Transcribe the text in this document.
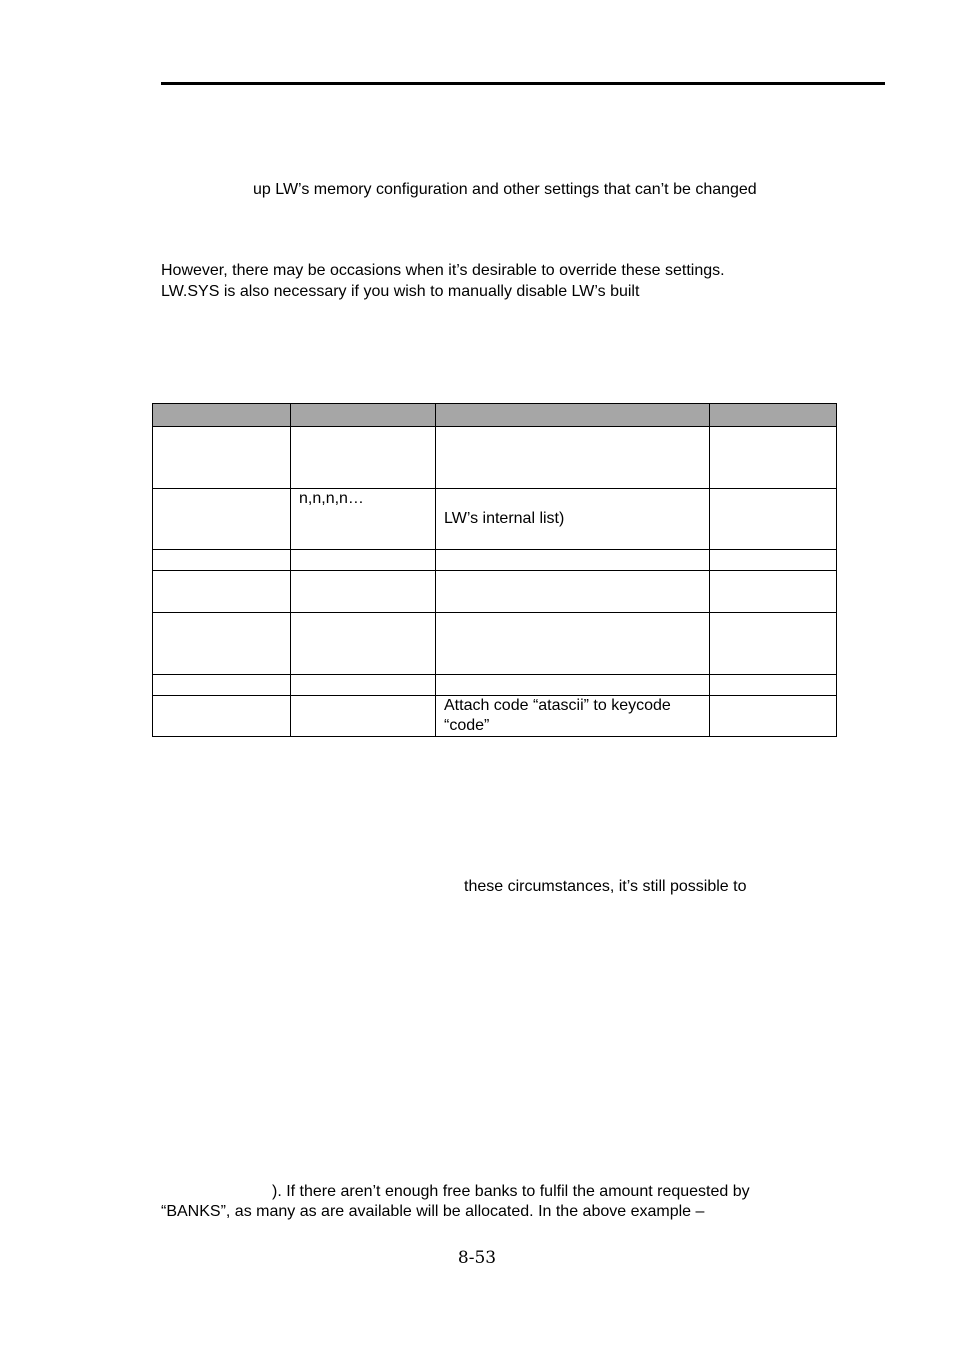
up LW’s memory configuration and other settings that can’t be changed
However, there may be occasions when it’s desirable to override these settings.
LW.SYS is also necessary if you wish to manually disable LW’s built

	n,n,n,n…	LW’s internal list)	

		Attach code “atascii” to keycode “code”	
these circumstances, it’s still possible to
). If there aren’t enough free banks to fulfil the amount requested by
“BANKS”, as many as are available will be allocated. In the above example –
8-53
